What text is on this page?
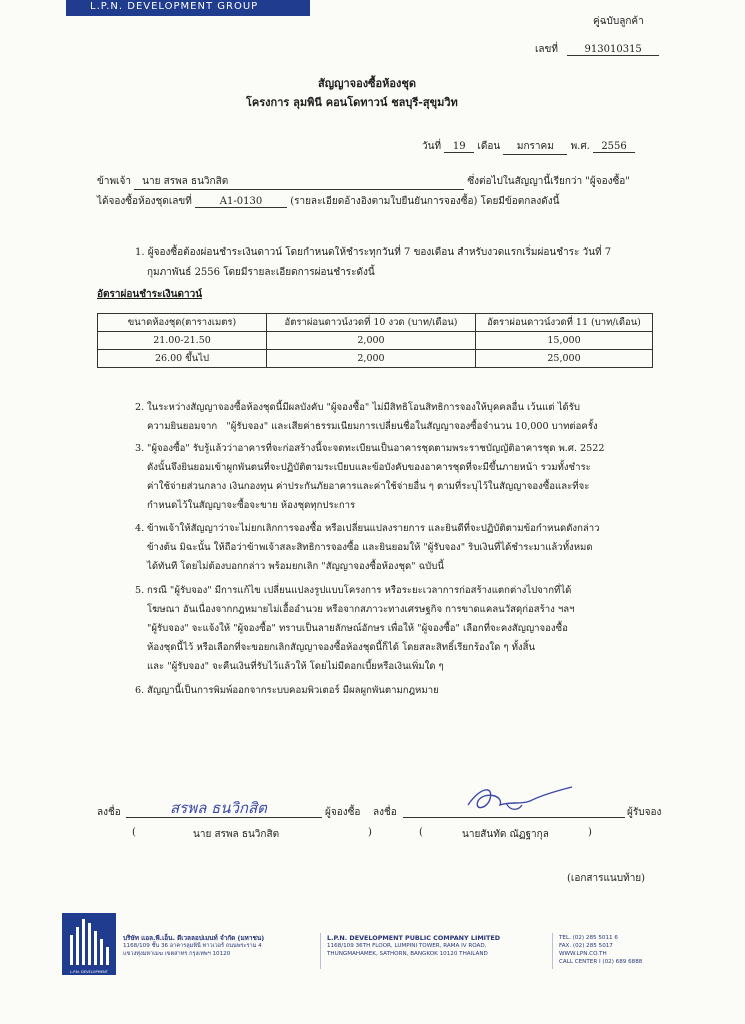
L.P.N. DEVELOPMENT GROUP
คู่ฉบับลูกค้า
เลขที่	913010315
สัญญาจองซื้อห้องชุด
โครงการ ลุมพินี คอนโดทาวน์ ชลบุรี-สุขุมวิท
วันที่ 19 เดือน มกราคม พ.ศ. 2556
ข้าพเจ้า นาย สรพล ธนวิกสิต	ซึ่งต่อไปในสัญญานี้เรียกว่า "ผู้จองซื้อ"
ได้จองซื้อห้องชุดเลขที่	A1-0130	(รายละเอียดอ้างอิงตามใบยืนยันการจองซื้อ) โดยมีข้อตกลงดังนี้
1. ผู้จองซื้อต้องผ่อนชำระเงินดาวน์ โดยกำหนดให้ชำระทุกวันที่ 7 ของเดือน สำหรับงวดแรกเริ่มผ่อนชำระ วันที่ 7
กุมภาพันธ์ 2556 โดยมีรายละเอียดการผ่อนชำระดังนี้
อัตราผ่อนชำระเงินดาวน์
ขนาดห้องชุด(ตารางเมตร)	อัตราผ่อนดาวน์งวดที่ 10 งวด (บาท/เดือน)	อัตราผ่อนดาวน์งวดที่ 11 (บาท/เดือน)
21.00-21.50	2,000	15,000
26.00 ขึ้นไป	2,000	25,000
2. ในระหว่างสัญญาจองซื้อห้องชุดนี้มีผลบังคับ "ผู้จองซื้อ" ไม่มีสิทธิโอนสิทธิการจองให้บุคคลอื่น เว้นแต่ ได้รับ
ความยินยอมจาก   "ผู้รับจอง" และเสียค่าธรรมเนียมการเปลี่ยนชื่อในสัญญาจองซื้อจำนวน 10,000 บาทต่อครั้ง
3. "ผู้จองซื้อ" รับรู้แล้วว่าอาคารที่จะก่อสร้างนี้จะจดทะเบียนเป็นอาคารชุดตามพระราชบัญญัติอาคารชุด พ.ศ. 2522
ดังนั้นจึงยินยอมเข้าผูกพันตนที่จะปฏิบัติตามระเบียบและข้อบังคับของอาคารชุดที่จะมีขึ้นภายหน้า รวมทั้งชำระ
ค่าใช้จ่ายส่วนกลาง เงินกองทุน ค่าประกันภัยอาคารและค่าใช้จ่ายอื่น ๆ ตามที่ระบุไว้ในสัญญาจองซื้อและที่จะ
กำหนดไว้ในสัญญาจะซื้อจะขาย ห้องชุดทุกประการ
4. ข้าพเจ้าให้สัญญาว่าจะไม่ยกเลิกการจองซื้อ หรือเปลี่ยนแปลงรายการ และยินดีที่จะปฏิบัติตามข้อกำหนดดังกล่าว
ข้างต้น มิฉะนั้น ให้ถือว่าข้าพเจ้าสละสิทธิการจองซื้อ และยินยอมให้ "ผู้รับจอง" ริบเงินที่ได้ชำระมาแล้วทั้งหมด
ได้ทันที โดยไม่ต้องบอกกล่าว พร้อมยกเลิก "สัญญาจองซื้อห้องชุด" ฉบับนี้
5. กรณี "ผู้รับจอง" มีการแก้ไข เปลี่ยนแปลงรูปแบบโครงการ หรือระยะเวลาการก่อสร้างแตกต่างไปจากที่ได้
โฆษณา อันเนื่องจากกฎหมายไม่เอื้ออำนวย หรือจากสภาวะทางเศรษฐกิจ การขาดแคลนวัสดุก่อสร้าง ฯลฯ
"ผู้รับจอง" จะแจ้งให้ "ผู้จองซื้อ" ทราบเป็นลายลักษณ์อักษร เพื่อให้ "ผู้จองซื้อ" เลือกที่จะคงสัญญาจองซื้อ
ห้องชุดนี้ไว้ หรือเลือกที่จะขอยกเลิกสัญญาจองซื้อห้องชุดนี้ก็ได้ โดยสละสิทธิ์เรียกร้องใด ๆ ทั้งสิ้น
และ "ผู้รับจอง" จะคืนเงินที่รับไว้แล้วให้ โดยไม่มีดอกเบี้ยหรือเงินเพิ่มใด ๆ
6. สัญญานี้เป็นการพิมพ์ออกจากระบบคอมพิวเตอร์ มีผลผูกพันตามกฎหมาย
ลงชื่อ	สรพล ธนวิกสิต	ผู้จองซื้อ ลงชื่อ	ผู้รับจอง
(	นาย สรพล ธนวิกสิต	)	(	นายสันทัด ณัฏฐากุล	)
(เอกสารแนบท้าย)
L.P.N. DEVELOPMENT
บริษัท แอล.พี.เอ็น. ดีเวลลอปเมนท์ จำกัด (มหาชน)
1168/109 ชั้น 36 อาคารลุมพินี ทาวเวอร์ ถนนพระราม 4
แขวงทุ่งมหาเมฆ เขตสาทร กรุงเทพฯ 10120
L.P.N. DEVELOPMENT PUBLIC COMPANY LIMITED
1168/109 36TH FLOOR, LUMPINI TOWER, RAMA IV ROAD,
THUNGMAHAMEK, SATHORN, BANGKOK 10120 THAILAND
TEL. (02) 285 5011 6
FAX. (02) 285 5017
WWW.LPN.CO.TH
CALL CENTER I (02) 689 6888
